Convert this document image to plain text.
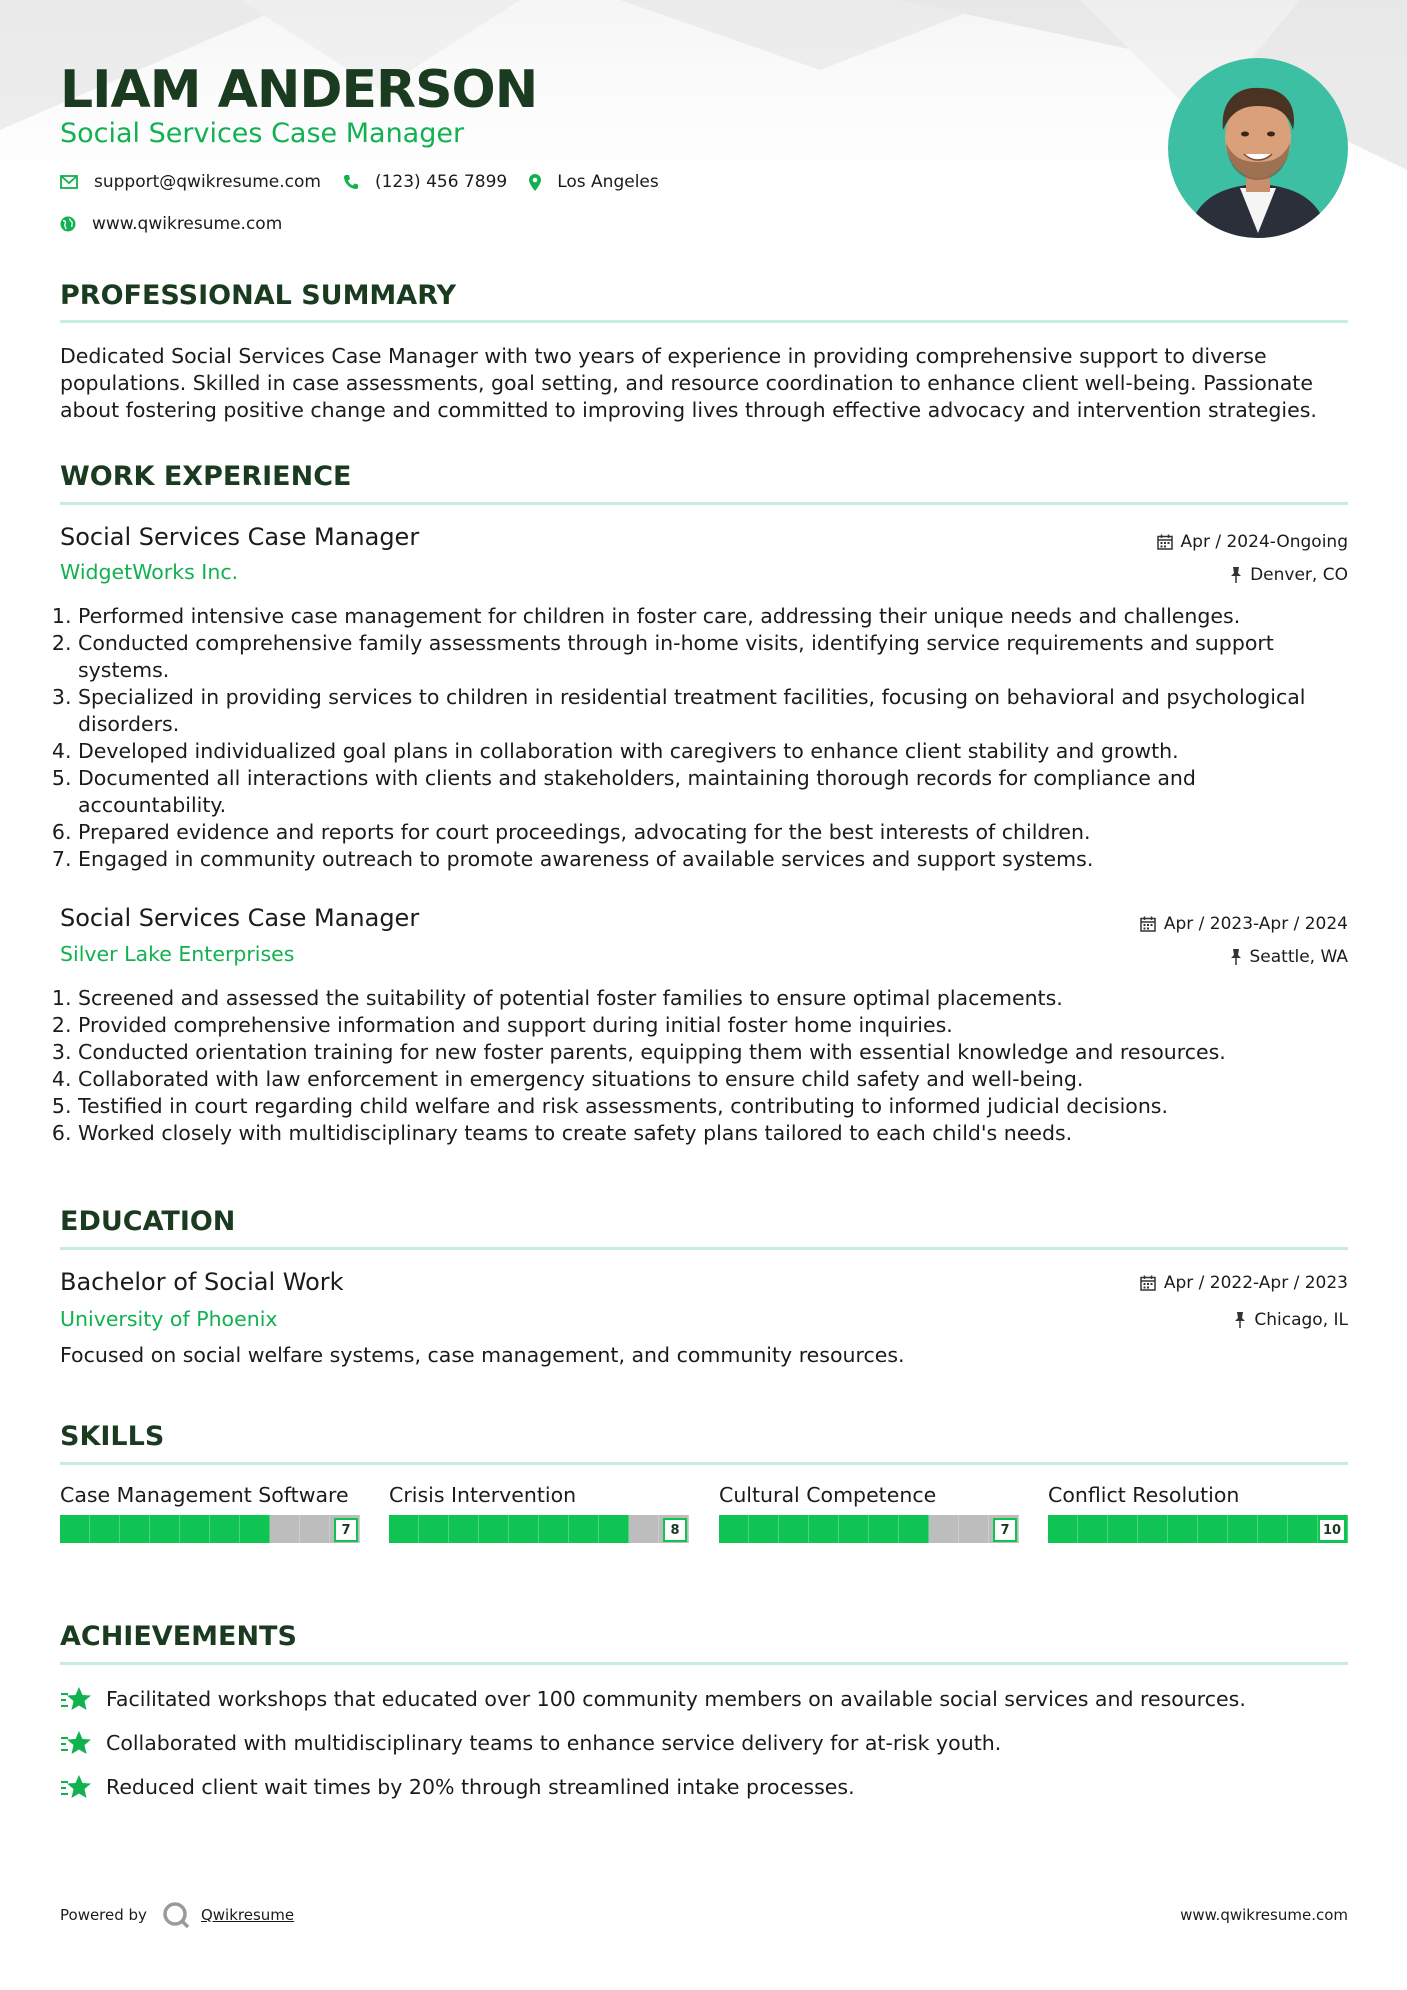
LIAM ANDERSON
Social Services Case Manager
support@qwikresume.com	(123) 456 7899	Los Angeles
www.qwikresume.com
PROFESSIONAL SUMMARY
Dedicated Social Services Case Manager with two years of experience in providing comprehensive support to diverse populations. Skilled in case assessments, goal setting, and resource coordination to enhance client well-being. Passionate about fostering positive change and committed to improving lives through effective advocacy and intervention strategies.
WORK EXPERIENCE
Social Services Case Manager	Apr / 2024-Ongoing
WidgetWorks Inc.	Denver, CO
1. Performed intensive case management for children in foster care, addressing their unique needs and challenges.
2. Conducted comprehensive family assessments through in-home visits, identifying service requirements and support systems.
3. Specialized in providing services to children in residential treatment facilities, focusing on behavioral and psychological disorders.
4. Developed individualized goal plans in collaboration with caregivers to enhance client stability and growth.
5. Documented all interactions with clients and stakeholders, maintaining thorough records for compliance and accountability.
6. Prepared evidence and reports for court proceedings, advocating for the best interests of children.
7. Engaged in community outreach to promote awareness of available services and support systems.
Social Services Case Manager	Apr / 2023-Apr / 2024
Silver Lake Enterprises	Seattle, WA
1. Screened and assessed the suitability of potential foster families to ensure optimal placements.
2. Provided comprehensive information and support during initial foster home inquiries.
3. Conducted orientation training for new foster parents, equipping them with essential knowledge and resources.
4. Collaborated with law enforcement in emergency situations to ensure child safety and well-being.
5. Testified in court regarding child welfare and risk assessments, contributing to informed judicial decisions.
6. Worked closely with multidisciplinary teams to create safety plans tailored to each child's needs.
EDUCATION
Bachelor of Social Work	Apr / 2022-Apr / 2023
University of Phoenix	Chicago, IL
Focused on social welfare systems, case management, and community resources.
SKILLS
Case Management Software
7
Crisis Intervention
8
Cultural Competence
7
Conflict Resolution
10
ACHIEVEMENTS
Facilitated workshops that educated over 100 community members on available social services and resources.
Collaborated with multidisciplinary teams to enhance service delivery for at-risk youth.
Reduced client wait times by 20% through streamlined intake processes.
Powered by	Qwikresume	www.qwikresume.com
